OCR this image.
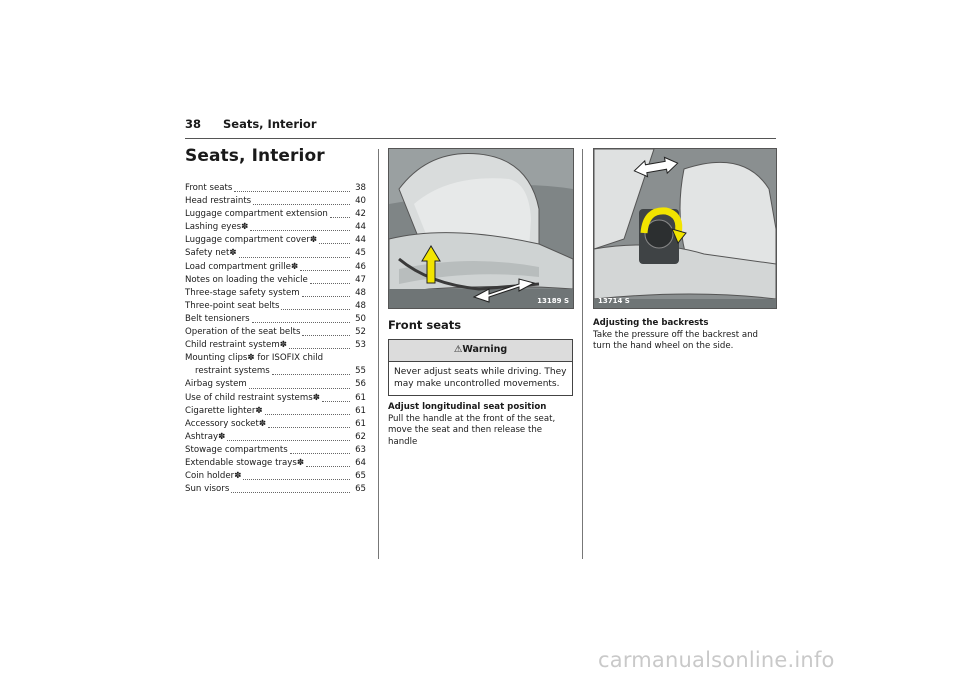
38 Seats, Interior
Seats, Interior
Front seats	38
Head restraints	40
Luggage compartment extension	42
Lashing eyes✽	44
Luggage compartment cover✽	44
Safety net✽	45
Load compartment grille✽	46
Notes on loading the vehicle	47
Three-stage safety system	48
Three-point seat belts	48
Belt tensioners	50
Operation of the seat belts	52
Child restraint system✽	53
Mounting clips✽ for ISOFIX child
restraint systems	55
Airbag system	56
Use of child restraint systems✽	61
Cigarette lighter✽	61
Accessory socket✽	61
Ashtray✽	62
Stowage compartments	63
Extendable stowage trays✽	64
Coin holder✽	65
Sun visors	65
13189 S	13714 S
Front seats
⚠Warning
Never adjust seats while driving. They may make uncontrolled movements.
Adjust longitudinal seat position
Pull the handle at the front of the seat, move the seat and then release the handle
Adjusting the backrests
Take the pressure off the backrest and turn the hand wheel on the side.
carmanualsonline.info
